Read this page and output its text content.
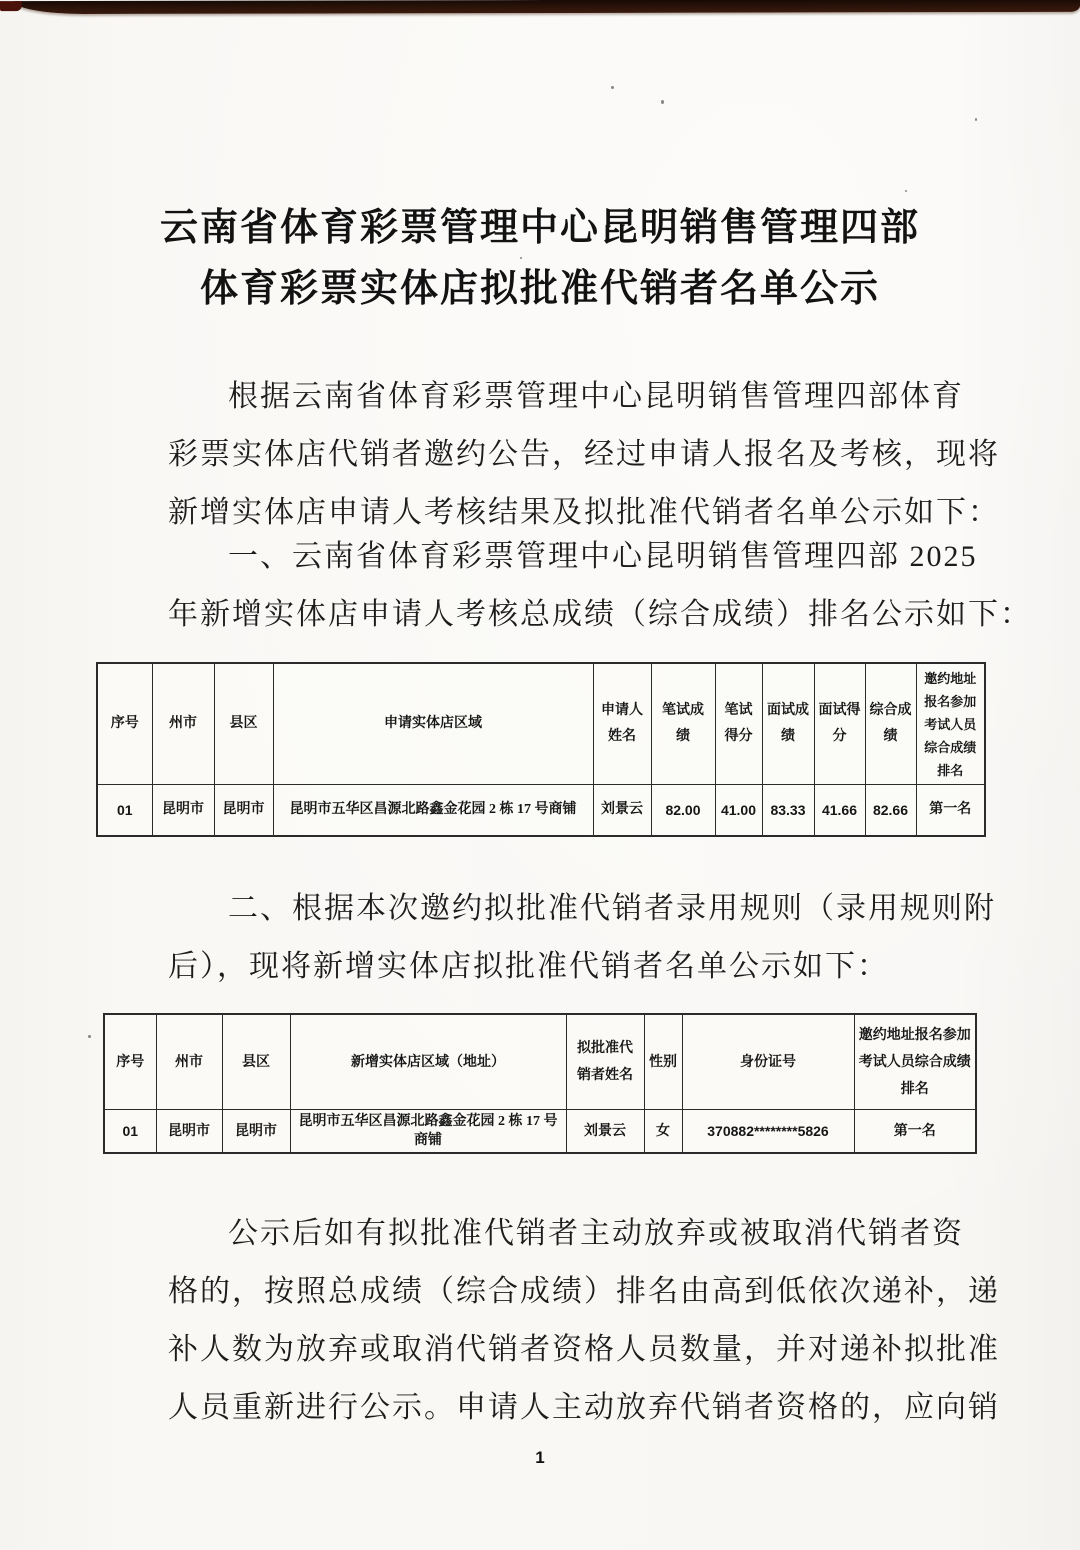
云南省体育彩票管理中心昆明销售管理四部
体育彩票实体店拟批准代销者名单公示
根据云南省体育彩票管理中心昆明销售管理四部体育
彩票实体店代销者邀约公告，经过申请人报名及考核，现将
新增实体店申请人考核结果及拟批准代销者名单公示如下：
一、云南省体育彩票管理中心昆明销售管理四部 2025
年新增实体店申请人考核总成绩（综合成绩）排名公示如下：
序号	州市	县区	申请实体店区域	申请人姓名	笔试成绩	笔试得分	面试成绩	面试得分	综合成绩	邀约地址报名参加考试人员综合成绩排名
01	昆明市	昆明市	昆明市五华区昌源北路鑫金花园 2 栋 17 号商铺	刘景云	82.00	41.00	83.33	41.66	82.66	第一名
二、根据本次邀约拟批准代销者录用规则（录用规则附
后），现将新增实体店拟批准代销者名单公示如下：
序号	州市	县区	新增实体店区域（地址）	拟批准代销者姓名	性别	身份证号	邀约地址报名参加考试人员综合成绩排名
01	昆明市	昆明市	昆明市五华区昌源北路鑫金花园 2 栋 17 号商铺	刘景云	女	370882********5826	第一名
公示后如有拟批准代销者主动放弃或被取消代销者资
格的，按照总成绩（综合成绩）排名由高到低依次递补，递
补人数为放弃或取消代销者资格人员数量，并对递补拟批准
人员重新进行公示。申请人主动放弃代销者资格的，应向销
1
